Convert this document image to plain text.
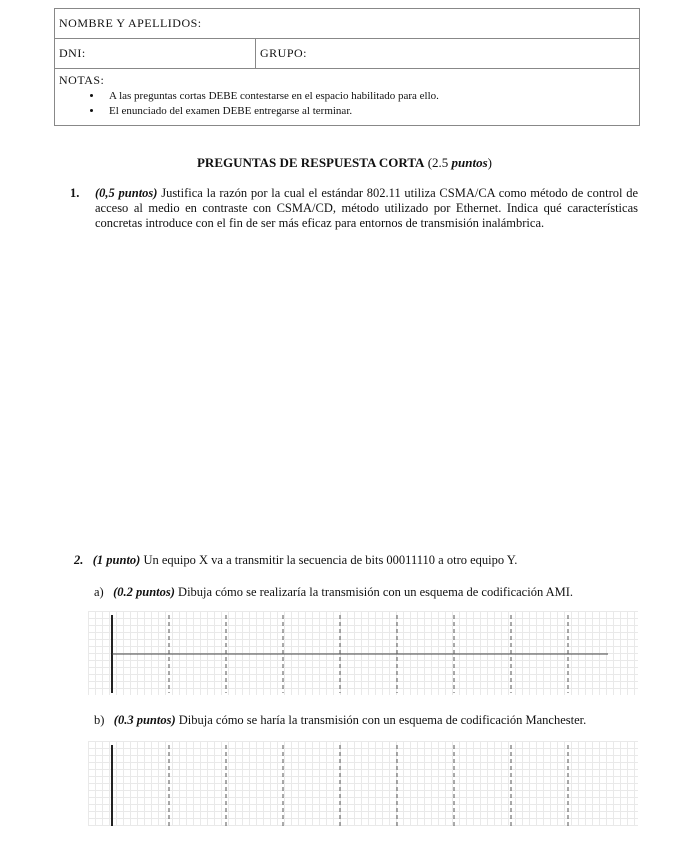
NOMBRE Y APELLIDOS:
DNI:	GRUPO:
NOTAS:
• A las preguntas cortas DEBE contestarse en el espacio habilitado para ello.
• El enunciado del examen DEBE entregarse al terminar.
PREGUNTAS DE RESPUESTA CORTA (2.5 puntos)
1. (0,5 puntos) Justifica la razón por la cual el estándar 802.11 utiliza CSMA/CA como método de control de acceso al medio en contraste con CSMA/CD, método utilizado por Ethernet. Indica qué características concretas introduce con el fin de ser más eficaz para entornos de transmisión inalámbrica.
2. (1 punto) Un equipo X va a transmitir la secuencia de bits 00011110 a otro equipo Y.
a) (0.2 puntos) Dibuja cómo se realizaría la transmisión con un esquema de codificación AMI.
b) (0.3 puntos) Dibuja cómo se haría la transmisión con un esquema de codificación Manchester.
